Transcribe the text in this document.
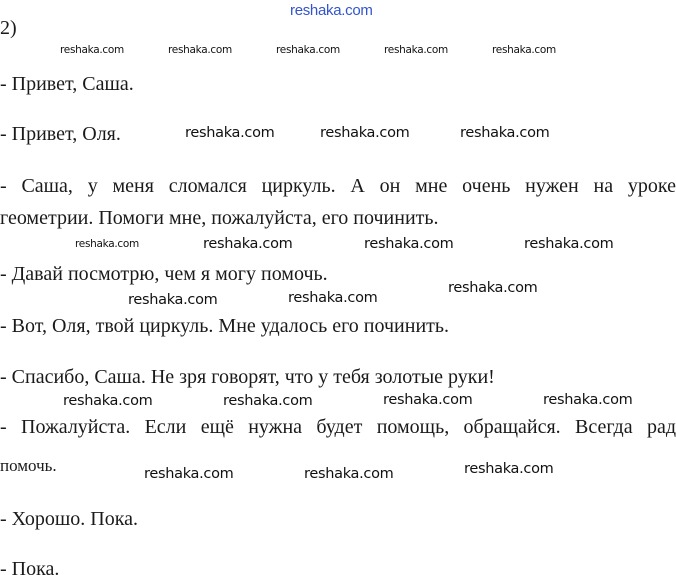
reshaka.com
2)
- Привет, Саша.
- Привет, Оля.
- Саша, у меня сломался циркуль. А он мне очень нужен на уроке
геометрии. Помоги мне, пожалуйста, его починить.
- Давай посмотрю, чем я могу помочь.
- Вот, Оля, твой циркуль. Мне удалось его починить.
- Спасибо, Саша. Не зря говорят, что у тебя золотые руки!
- Пожалуйста. Если ещё нужна будет помощь, обращайся. Всегда рад
помочь.
- Хорошо. Пока.
- Пока.
reshaka.com	reshaka.com	reshaka.com	reshaka.com	reshaka.com
reshaka.com	reshaka.com	reshaka.com
reshaka.com	reshaka.com	reshaka.com	reshaka.com
reshaka.com	reshaka.com
reshaka.com
reshaka.com	reshaka.com	reshaka.com	reshaka.com
reshaka.com	reshaka.com	reshaka.com
